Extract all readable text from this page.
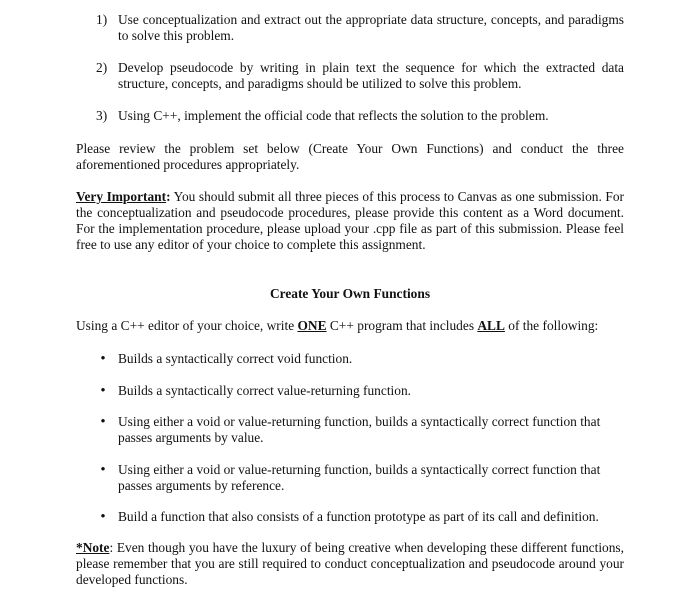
1) Use conceptualization and extract out the appropriate data structure, concepts, and paradigms to solve this problem.
2) Develop pseudocode by writing in plain text the sequence for which the extracted data structure, concepts, and paradigms should be utilized to solve this problem.
3) Using C++, implement the official code that reflects the solution to the problem.
Please review the problem set below (Create Your Own Functions) and conduct the three aforementioned procedures appropriately.
Very Important: You should submit all three pieces of this process to Canvas as one submission. For the conceptualization and pseudocode procedures, please provide this content as a Word document. For the implementation procedure, please upload your .cpp file as part of this submission. Please feel free to use any editor of your choice to complete this assignment.
Create Your Own Functions
Using a C++ editor of your choice, write ONE C++ program that includes ALL of the following:
• Builds a syntactically correct void function.
• Builds a syntactically correct value-returning function.
• Using either a void or value-returning function, builds a syntactically correct function that passes arguments by value.
• Using either a void or value-returning function, builds a syntactically correct function that passes arguments by reference.
• Build a function that also consists of a function prototype as part of its call and definition.
*Note: Even though you have the luxury of being creative when developing these different functions, please remember that you are still required to conduct conceptualization and pseudocode around your developed functions.
